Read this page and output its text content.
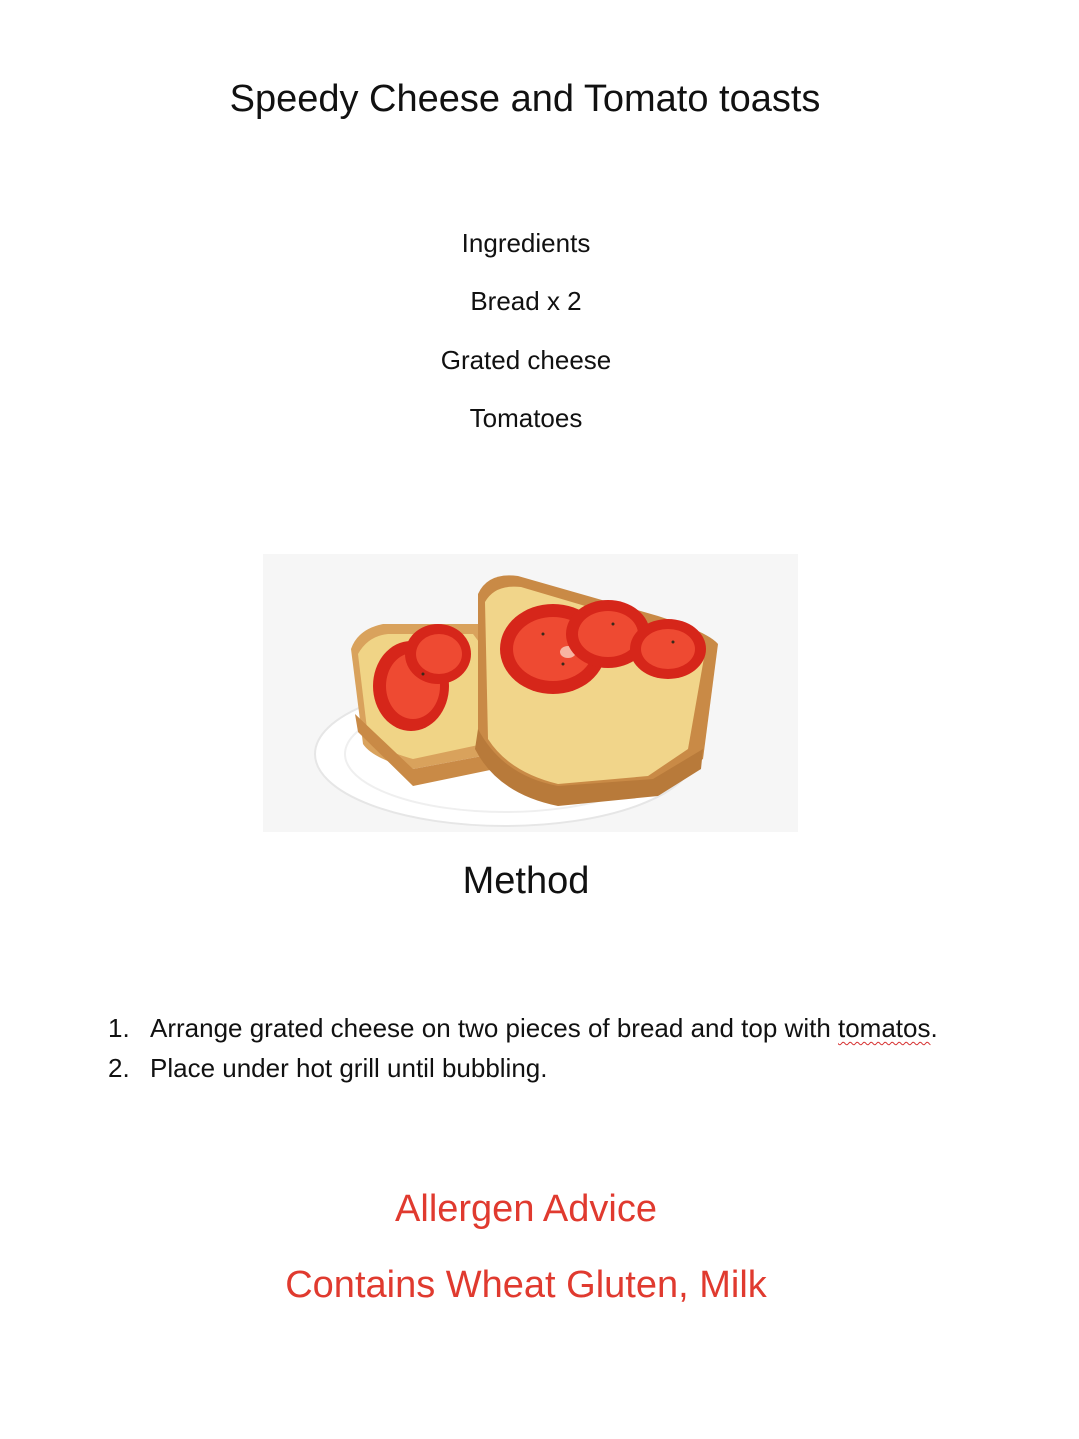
Speedy Cheese and Tomato toasts
Ingredients
Bread x 2
Grated cheese
Tomatoes
Method
1. Arrange grated cheese on two pieces of bread and top with tomatos.
2. Place under hot grill until bubbling.
Allergen Advice
Contains Wheat Gluten, Milk
